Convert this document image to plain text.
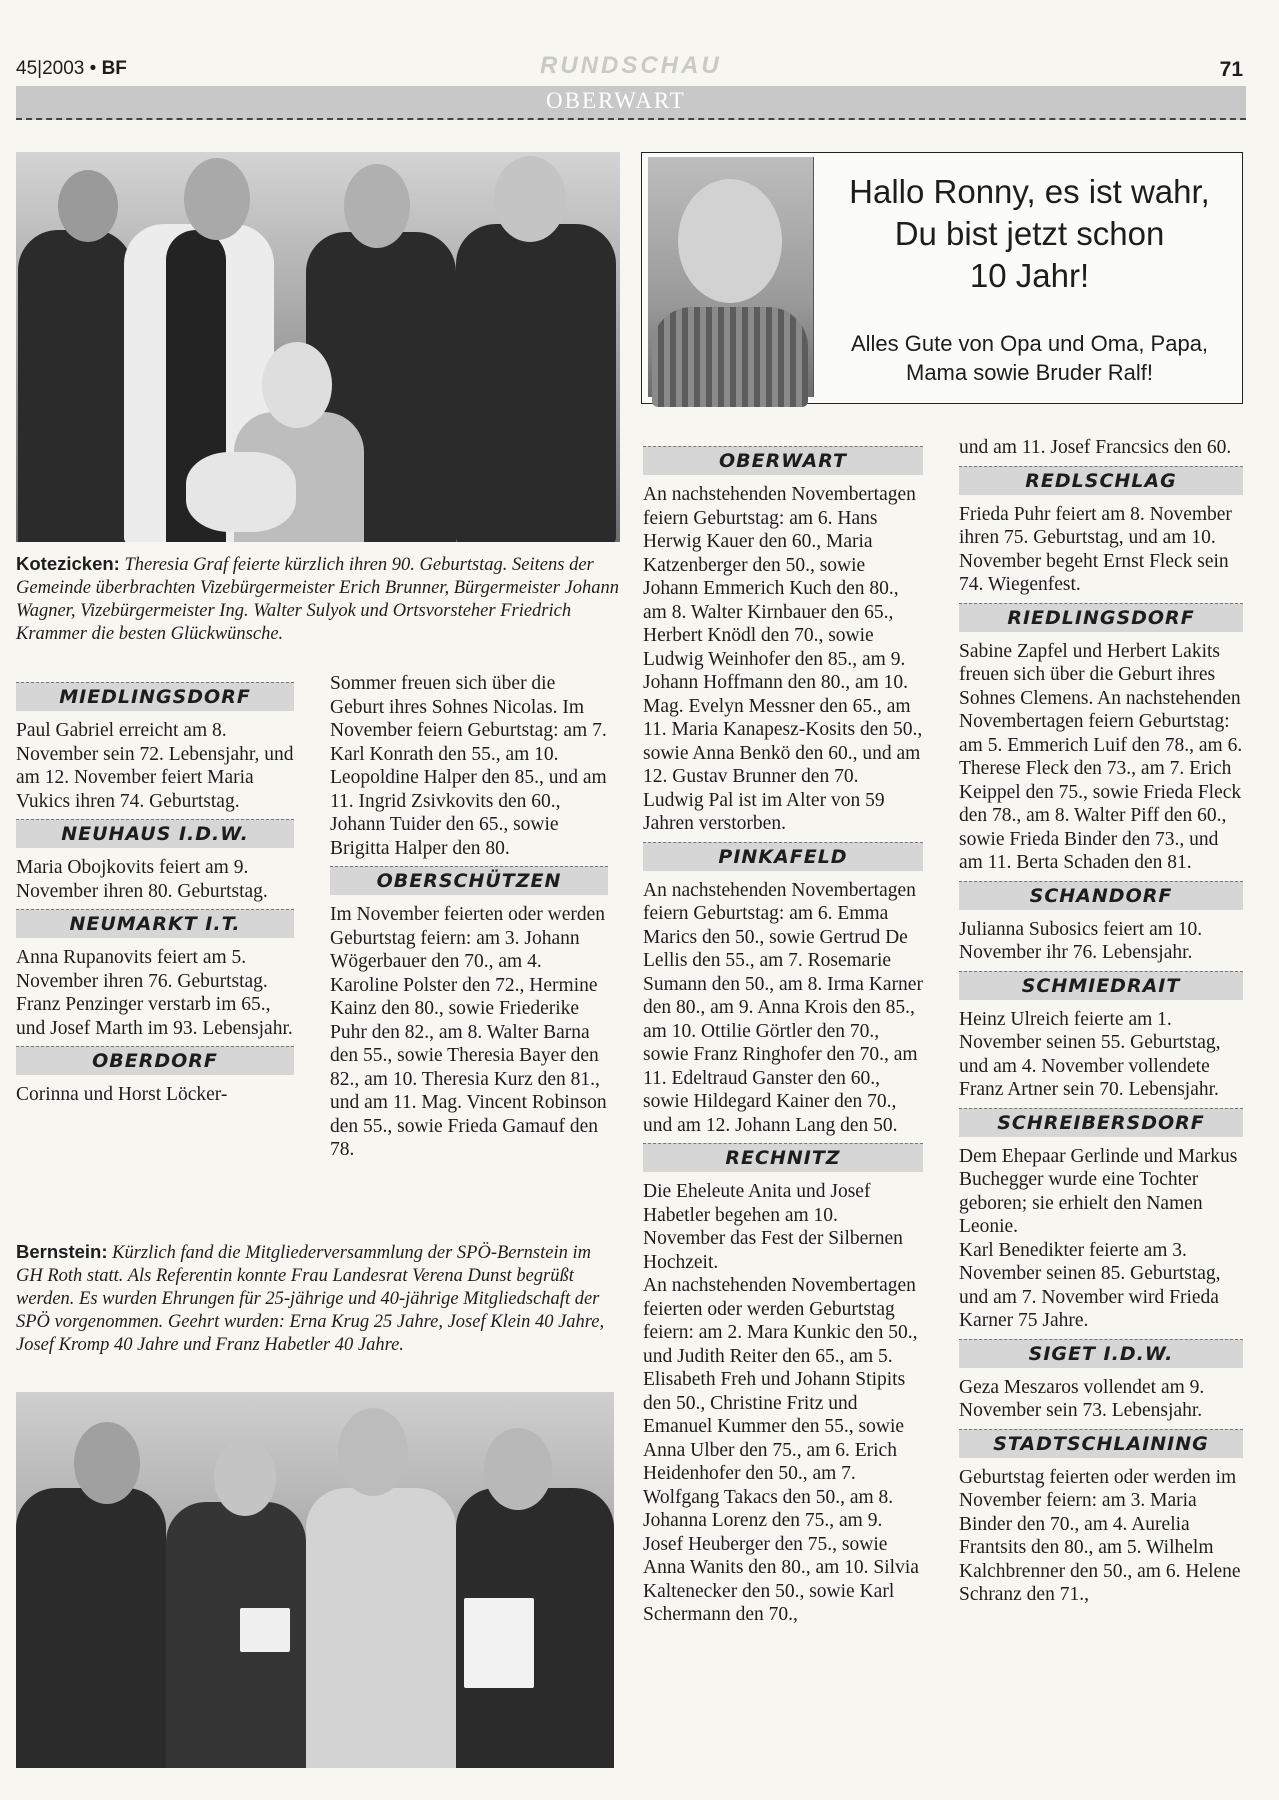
45|2003 • BF	RUNDSCHAU	71
OBERWART
Kotezicken: Theresia Graf feierte kürzlich ihren 90. Geburtstag. Seitens der Gemeinde überbrachten Vizebürgermeister Erich Brunner, Bürgermeister Johann Wagner, Vizebürgermeister Ing. Walter Sulyok und Ortsvorsteher Friedrich Krammer die besten Glückwünsche.
Hallo Ronny, es ist wahr,
Du bist jetzt schon
10 Jahr!
Alles Gute von Opa und Oma, Papa,
Mama sowie Bruder Ralf!
MIEDLINGSDORF

Paul Gabriel erreicht am 8. November sein 72. Lebensjahr, und am 12. November feiert Maria Vukics ihren 74. Geburtstag.

NEUHAUS I.D.W.

Maria Obojkovits feiert am 9. November ihren 80. Geburtstag.

NEUMARKT I.T.

Anna Rupanovits feiert am 5. November ihren 76. Geburtstag.

Franz Penzinger verstarb im 65., und Josef Marth im 93. Lebensjahr.

OBERDORF

Corinna und Horst Löcker-

Sommer freuen sich über die Geburt ihres Sohnes Nicolas. Im November feiern Geburtstag: am 7. Karl Konrath den 55., am 10. Leopoldine Halper den 85., und am 11. Ingrid Zsivkovits den 60., Johann Tuider den 65., sowie Brigitta Halper den 80.

OBERSCHÜTZEN

Im November feierten oder werden Geburtstag feiern: am 3. Johann Wögerbauer den 70., am 4. Karoline Polster den 72., Hermine Kainz den 80., sowie Friederike Puhr den 82., am 8. Walter Barna den 55., sowie Theresia Bayer den 82., am 10. Theresia Kurz den 81., und am 11. Mag. Vincent Robinson den 55., sowie Frieda Gamauf den 78.

Bernstein: Kürzlich fand die Mitgliederversammlung der SPÖ-Bernstein im GH Roth statt. Als Referentin konnte Frau Landesrat Verena Dunst begrüßt werden. Es wurden Ehrungen für 25-jährige und 40-jährige Mitgliedschaft der SPÖ vorgenommen. Geehrt wurden: Erna Krug 25 Jahre, Josef Klein 40 Jahre, Josef Kromp 40 Jahre und Franz Habetler 40 Jahre.
OBERWART

An nachstehenden Novembertagen feiern Geburtstag: am 6. Hans Herwig Kauer den 60., Maria Katzenberger den 50., sowie Johann Emmerich Kuch den 80., am 8. Walter Kirnbauer den 65., Herbert Knödl den 70., sowie Ludwig Weinhofer den 85., am 9. Johann Hoffmann den 80., am 10. Mag. Evelyn Messner den 65., am 11. Maria Kanapesz-Kosits den 50., sowie Anna Benkö den 60., und am 12. Gustav Brunner den 70. Ludwig Pal ist im Alter von 59 Jahren verstorben.

PINKAFELD

An nachstehenden Novembertagen feiern Geburtstag: am 6. Emma Marics den 50., sowie Gertrud De Lellis den 55., am 7. Rosemarie Sumann den 50., am 8. Irma Karner den 80., am 9. Anna Krois den 85., am 10. Ottilie Görtler den 70., sowie Franz Ringhofer den 70., am 11. Edeltraud Ganster den 60., sowie Hildegard Kainer den 70., und am 12. Johann Lang den 50.

RECHNITZ

Die Eheleute Anita und Josef Habetler begehen am 10. November das Fest der Silbernen Hochzeit.

An nachstehenden Novembertagen feierten oder werden Geburtstag feiern: am 2. Mara Kunkic den 50., und Judith Reiter den 65., am 5. Elisabeth Freh und Johann Stipits den 50., Christine Fritz und Emanuel Kummer den 55., sowie Anna Ulber den 75., am 6. Erich Heidenhofer den 50., am 7. Wolfgang Takacs den 50., am 8. Johanna Lorenz den 75., am 9. Josef Heuberger den 75., sowie Anna Wanits den 80., am 10. Silvia Kaltenecker den 50., sowie Karl Schermann den 70.,

und am 11. Josef Francsics den 60.

REDLSCHLAG

Frieda Puhr feiert am 8. November ihren 75. Geburtstag, und am 10. November begeht Ernst Fleck sein 74. Wiegenfest.

RIEDLINGSDORF

Sabine Zapfel und Herbert Lakits freuen sich über die Geburt ihres Sohnes Clemens. An nachstehenden Novembertagen feiern Geburtstag: am 5. Emmerich Luif den 78., am 6. Therese Fleck den 73., am 7. Erich Keippel den 75., sowie Frieda Fleck den 78., am 8. Walter Piff den 60., sowie Frieda Binder den 73., und am 11. Berta Schaden den 81.

SCHANDORF

Julianna Subosics feiert am 10. November ihr 76. Lebensjahr.

SCHMIEDRAIT

Heinz Ulreich feierte am 1. November seinen 55. Geburtstag, und am 4. November vollendete Franz Artner sein 70. Lebensjahr.

SCHREIBERSDORF

Dem Ehepaar Gerlinde und Markus Buchegger wurde eine Tochter geboren; sie erhielt den Namen Leonie.

Karl Benedikter feierte am 3. November seinen 85. Geburtstag, und am 7. November wird Frieda Karner 75 Jahre.

SIGET I.D.W.

Geza Meszaros vollendet am 9. November sein 73. Lebensjahr.

STADTSCHLAINING

Geburtstag feierten oder werden im November feiern: am 3. Maria Binder den 70., am 4. Aurelia Frantsits den 80., am 5. Wilhelm Kalchbrenner den 50., am 6. Helene Schranz den 71.,
